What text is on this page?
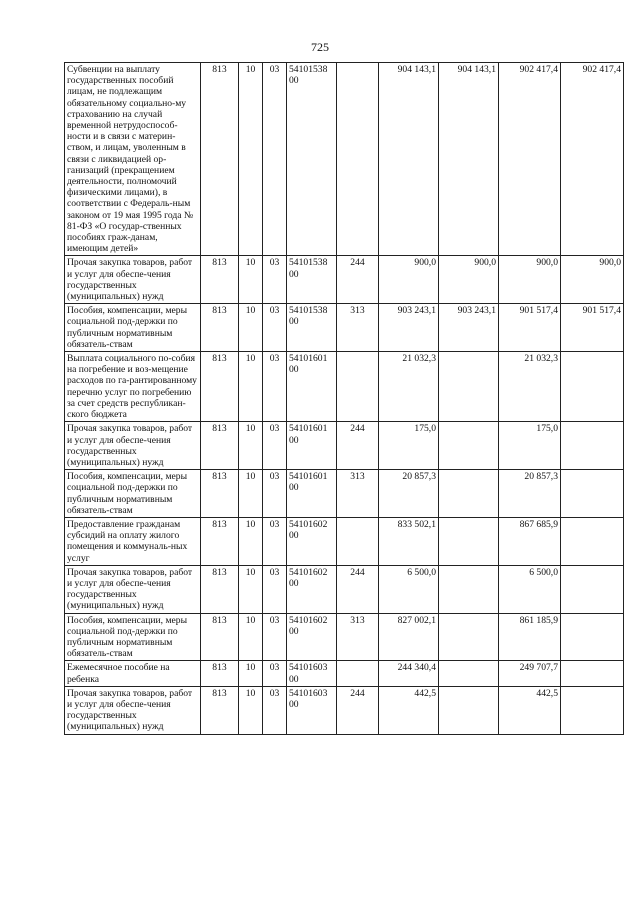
725
Субвенции на выплату государственных пособий лицам, не подлежащим обязательному социально-му страхованию на случай временной нетрудоспособ-ности и в связи с материн-ством, и лицам, уволенным в связи с ликвидацией ор-ганизаций (прекращением деятельности, полномочий физическими лицами), в соответствии с Федераль-ным законом от 19 мая 1995 года № 81-ФЗ «О государ-ственных пособиях граж-данам, имеющим детей»	813	10	03	54101538 00		904 143,1	904 143,1	902 417,4	902 417,4
Прочая закупка товаров, работ и услуг для обеспе-чения государственных (муниципальных) нужд	813	10	03	54101538 00	244	900,0	900,0	900,0	900,0
Пособия, компенсации, меры социальной под-держки по публичным нормативным обязатель-ствам	813	10	03	54101538 00	313	903 243,1	903 243,1	901 517,4	901 517,4
Выплата социального по-собия на погребение и воз-мещение расходов по га-рантированному перечню услуг по погребению за счет средств республикан-ского бюджета	813	10	03	54101601 00		21 032,3		21 032,3	
Прочая закупка товаров, работ и услуг для обеспе-чения государственных (муниципальных) нужд	813	10	03	54101601 00	244	175,0		175,0	
Пособия, компенсации, меры социальной под-держки по публичным нормативным обязатель-ствам	813	10	03	54101601 00	313	20 857,3		20 857,3	
Предоставление гражданам субсидий на оплату жилого помещения и коммуналь-ных услуг	813	10	03	54101602 00		833 502,1		867 685,9	
Прочая закупка товаров, работ и услуг для обеспе-чения государственных (муниципальных) нужд	813	10	03	54101602 00	244	6 500,0		6 500,0	
Пособия, компенсации, меры социальной под-держки по публичным нормативным обязатель-ствам	813	10	03	54101602 00	313	827 002,1		861 185,9	
Ежемесячное пособие на ребенка	813	10	03	54101603 00		244 340,4		249 707,7	
Прочая закупка товаров, работ и услуг для обеспе-чения государственных (муниципальных) нужд	813	10	03	54101603 00	244	442,5		442,5	
